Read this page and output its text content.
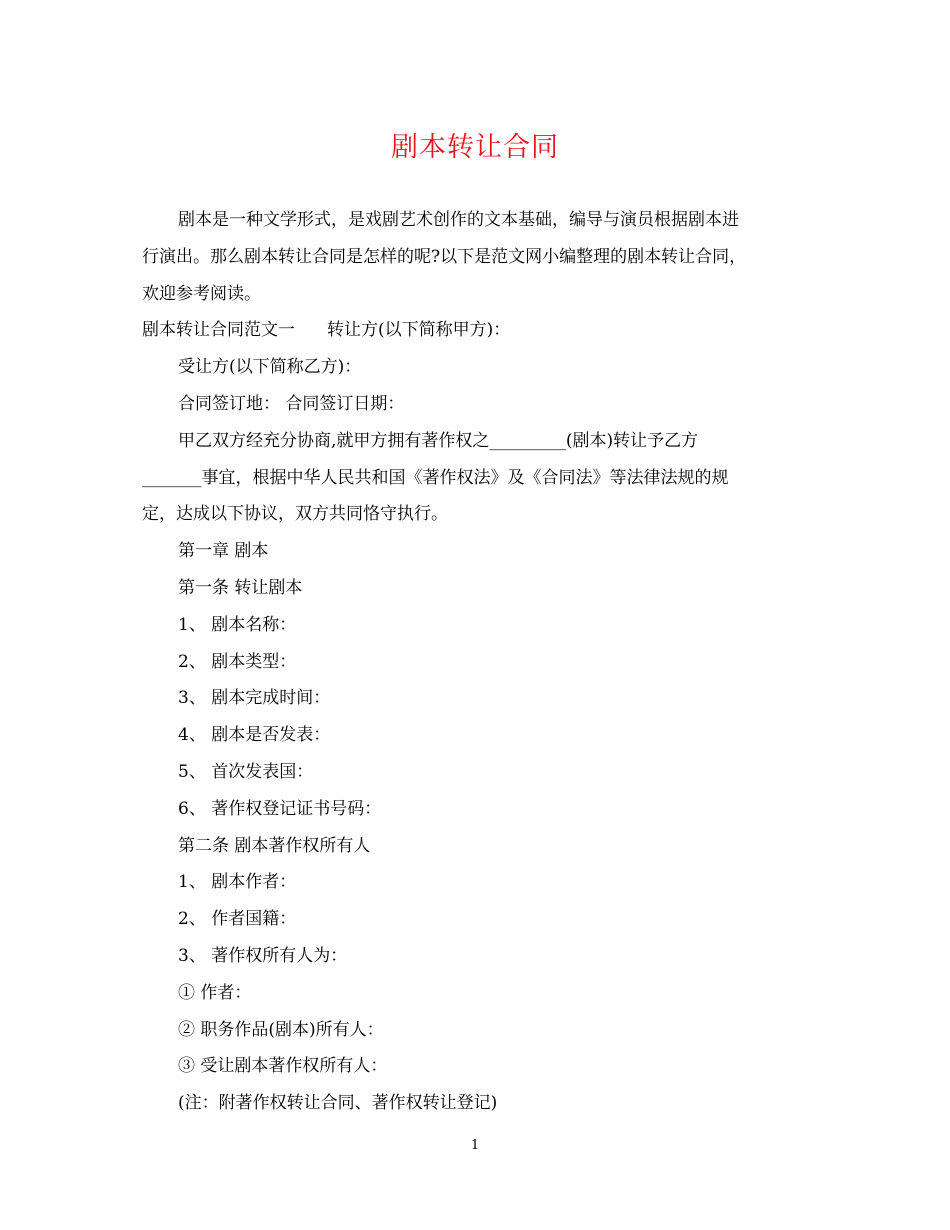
剧本转让合同

剧本是一种文学形式，是戏剧艺术创作的文本基础，编导与演员根据剧本进

行演出。那么剧本转让合同是怎样的呢?以下是范文网小编整理的剧本转让合同，

欢迎参考阅读。

剧本转让合同范文一 转让方(以下简称甲方)：

受让方(以下简称乙方)：

合同签订地： 合同签订日期：

甲乙双方经充分协商,就甲方拥有著作权之_________(剧本)转让予乙方

_______事宜，根据中华人民共和国《著作权法》及《合同法》等法律法规的规

定，达成以下协议，双方共同恪守执行。

第一章 剧本

第一条 转让剧本

1、 剧本名称：

2、 剧本类型：

3、 剧本完成时间：

4、 剧本是否发表：

5、 首次发表国：

6、 著作权登记证书号码：

第二条 剧本著作权所有人

1、 剧本作者：

2、 作者国籍：

3、 著作权所有人为：

① 作者：

② 职务作品(剧本)所有人：

③ 受让剧本著作权所有人：

(注：附著作权转让合同、著作权转让登记)

1
